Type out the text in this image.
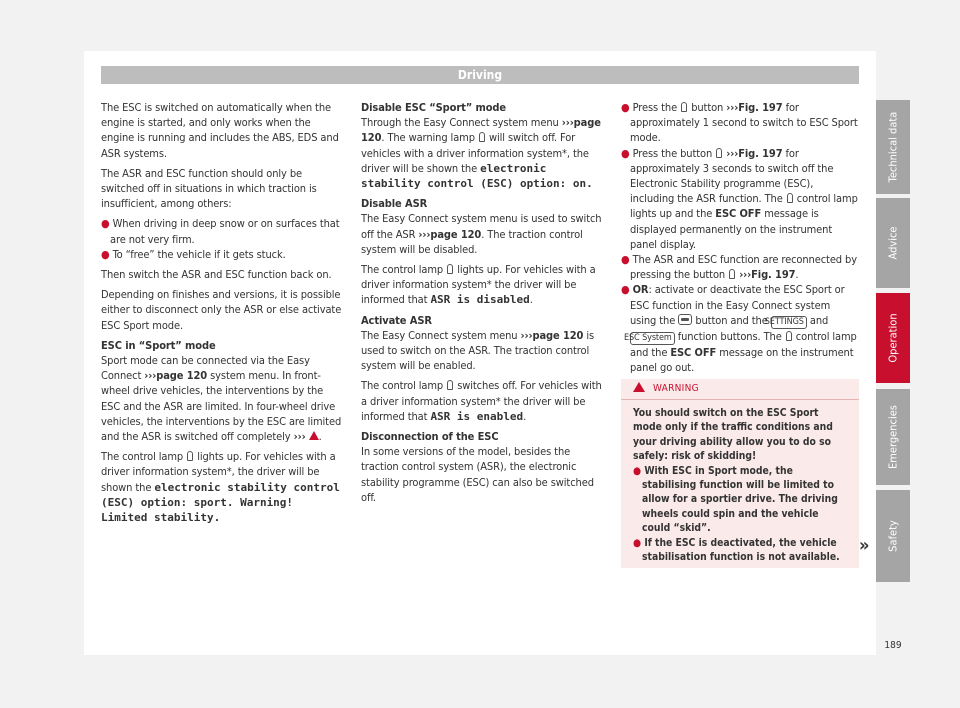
Driving

The ESC is switched on automatically when the engine is started, and only works when the engine is running and includes the ABS, EDS and ASR systems.

The ASR and ESC function should only be switched off in situations in which traction is insufficient, among others:

● When driving in deep snow or on surfaces that are not very firm.

● To “free” the vehicle if it gets stuck.

Then switch the ASR and ESC function back on.

Depending on finishes and versions, it is possible either to disconnect only the ASR or else activate ESC Sport mode.

ESC in “Sport” mode

Sport mode can be connected via the Easy Connect ›››page 120 system menu. In front-wheel drive vehicles, the interventions by the ESC and the ASR are limited. In four-wheel drive vehicles, the interventions by the ESC are limited and the ASR is switched off completely ››› .

The control lamp lights up. For vehicles with a driver information system*, the driver will be shown the electronic stability control (ESC) option: sport. Warning! Limited stability.

Disable ESC “Sport” mode

Through the Easy Connect system menu ›››page 120. The warning lamp will switch off. For vehicles with a driver information system*, the driver will be shown the electronic stability control (ESC) option: on.

Disable ASR

The Easy Connect system menu is used to switch off the ASR ›››page 120. The traction control system will be disabled.

The control lamp lights up. For vehicles with a driver information system* the driver will be informed that ASR is disabled.

Activate ASR

The Easy Connect system menu ›››page 120 is used to switch on the ASR. The traction control system will be enabled.

The control lamp switches off. For vehicles with a driver information system* the driver will be informed that ASR is enabled.

Disconnection of the ESC

In some versions of the model, besides the traction control system (ASR), the electronic stability programme (ESC) can also be switched off.

● Press the button ›››Fig. 197 for approximately 1 second to switch to ESC Sport mode.

● Press the button ›››Fig. 197 for approximately 3 seconds to switch off the Electronic Stability programme (ESC), including the ASR function. The control lamp lights up and the ESC OFF message is displayed permanently on the instrument panel display.

● The ASR and ESC function are reconnected by pressing the button ›››Fig. 197.

● OR: activate or deactivate the ESC Sport or ESC function in the Easy Connect system using the button and the SETTINGS and ESC System function buttons. The control lamp and the ESC OFF message on the instrument panel go out.

WARNING

You should switch on the ESC Sport mode only if the traffic conditions and your driving ability allow you to do so safely: risk of skidding!

● With ESC in Sport mode, the stabilising function will be limited to allow for a sportier drive. The driving wheels could spin and the vehicle could “skid”.

● If the ESC is deactivated, the vehicle stabilisation function is not available.

»
Technical data
Advice
Operation
Emergencies
Safety
189
